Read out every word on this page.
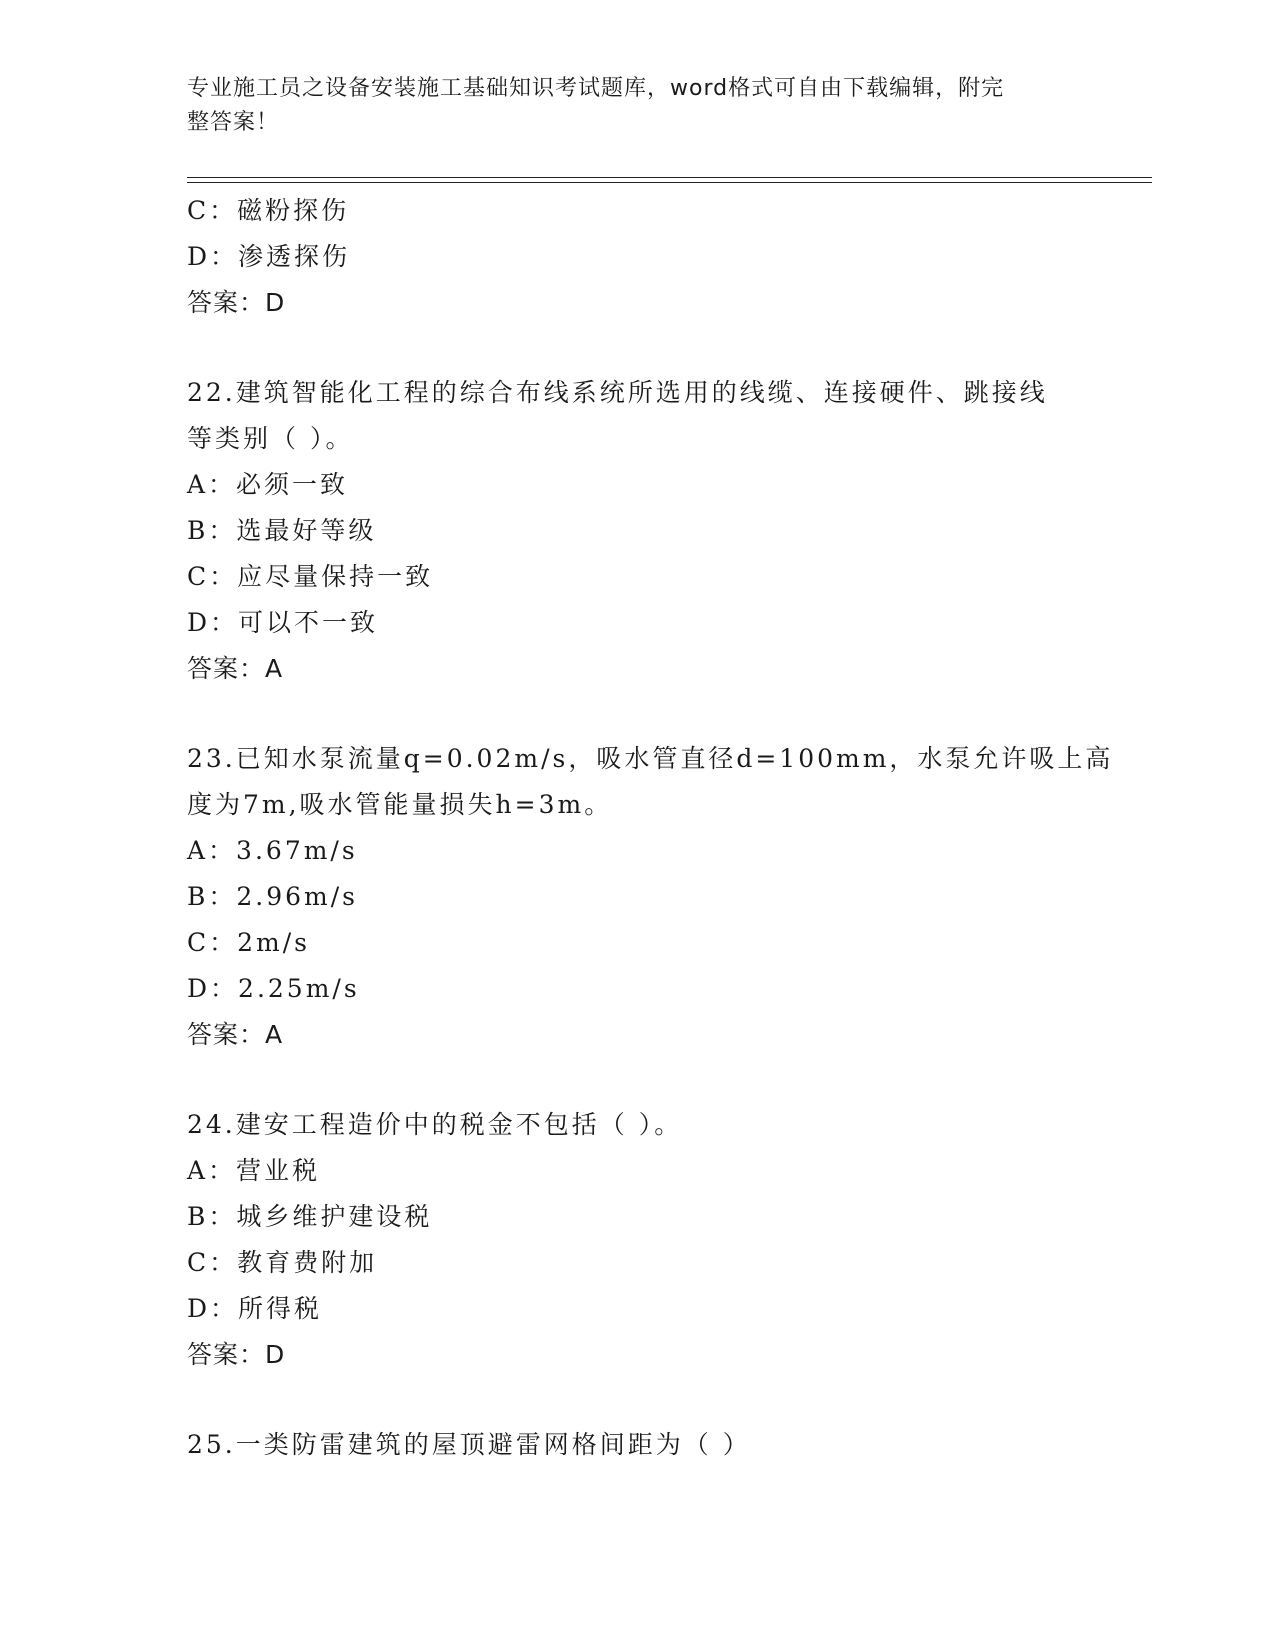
专业施工员之设备安装施工基础知识考试题库，word格式可自由下载编辑，附完
整答案！
C：磁粉探伤
D：渗透探伤
答案：D
22.建筑智能化工程的综合布线系统所选用的线缆、连接硬件、跳接线
等类别（ ）。
A：必须一致
B：选最好等级
C：应尽量保持一致
D：可以不一致
答案：A
23.已知水泵流量q=0.02m/s，吸水管直径d=100mm，水泵允许吸上高
度为7m,吸水管能量损失h=3m。
A：3.67m/s
B：2.96m/s
C：2m/s
D：2.25m/s
答案：A
24.建安工程造价中的税金不包括（ ）。
A：营业税
B：城乡维护建设税
C：教育费附加
D：所得税
答案：D
25.一类防雷建筑的屋顶避雷网格间距为（ ）
